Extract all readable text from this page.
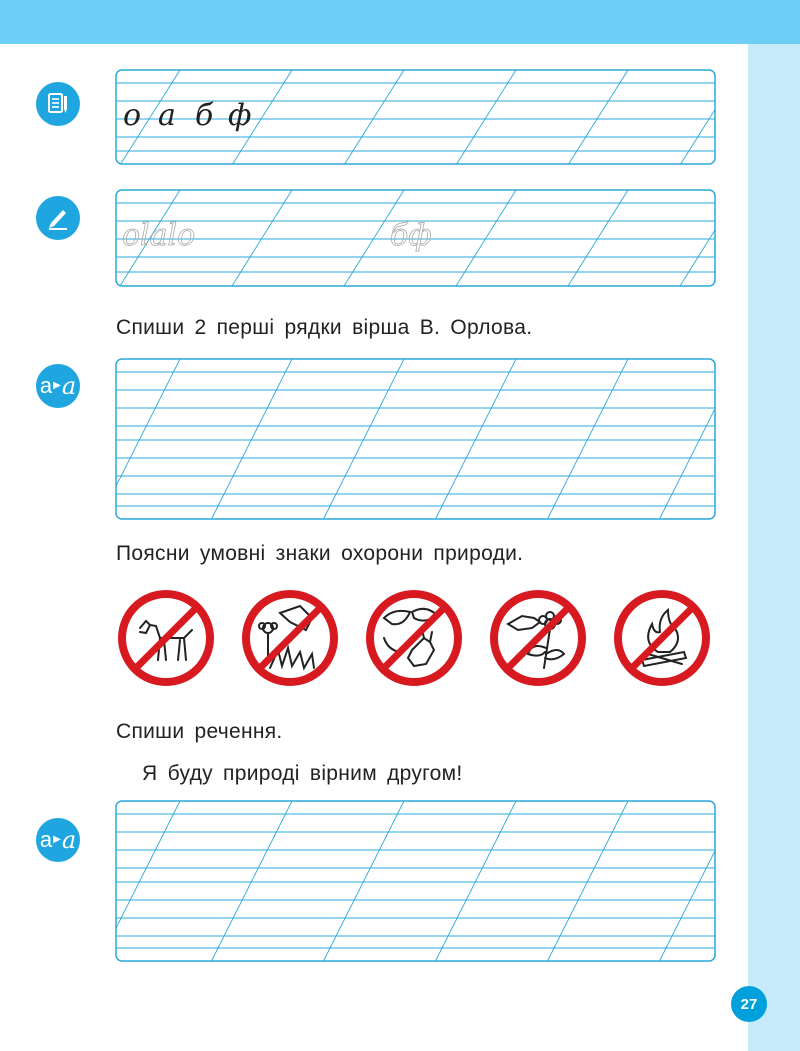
а ▶ a
а ▶ a
о а б ф
оlalo	бф
Спиши 2 перші рядки вірша В. Орлова.
Поясни умовні знаки охорони природи.
Спиши речення.
Я буду природі вірним другом!
27
